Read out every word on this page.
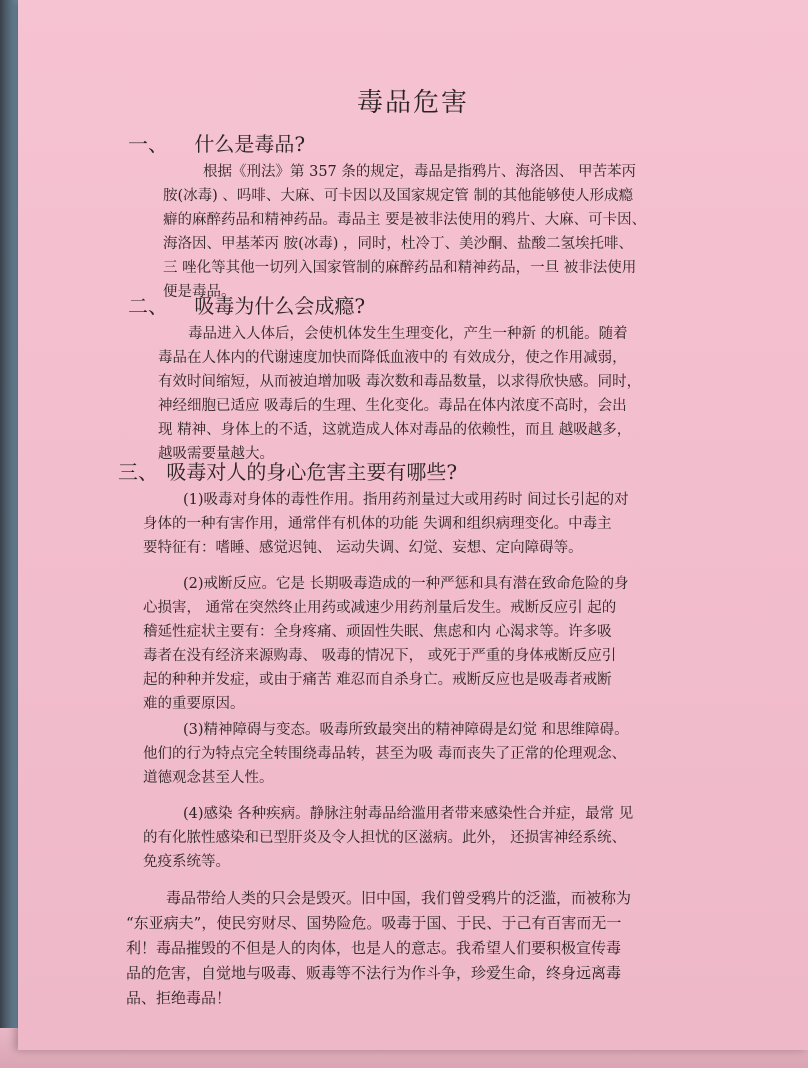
毒品危害
一、 什么是毒品?
根据《刑法》第 357 条的规定，毒品是指鸦片、海洛因、 甲苦苯丙
胺(冰毒) 、吗啡、大麻、可卡因以及国家规定管 制的其他能够使人形成瘾
癖的麻醉药品和精神药品。毒品主 要是被非法使用的鸦片、大麻、可卡因、
海洛因、甲基苯丙 胺(冰毒) ，同时，杜冷丁、美沙酮、盐酸二氢埃托啡、
三 唑化等其他一切列入国家管制的麻醉药品和精神药品，一旦 被非法使用
便是毒品。
二、 吸毒为什么会成瘾?
毒品进入人体后，会使机体发生生理变化，产生一种新 的机能。随着
毒品在人体内的代谢速度加快而降低血液中的 有效成分，使之作用减弱，
有效时间缩短，从而被迫增加吸 毒次数和毒品数量，以求得欣快感。同时，
神经细胞已适应 吸毒后的生理、生化变化。毒品在体内浓度不高时，会出
现 精神、身体上的不适，这就造成人体对毒品的依赖性，而且 越吸越多，
越吸需要量越大。
三、 吸毒对人的身心危害主要有哪些?
(1)吸毒对身体的毒性作用。指用药剂量过大或用药时 间过长引起的对
身体的一种有害作用，通常伴有机体的功能 失调和组织病理变化。中毒主
要特征有：嗜睡、感觉迟钝、 运动失调、幻觉、妄想、定向障碍等。
(2)戒断反应。它是 长期吸毒造成的一种严惩和具有潜在致命危险的身
心损害， 通常在突然终止用药或减速少用药剂量后发生。戒断反应引 起的
稽延性症状主要有：全身疼痛、顽固性失眠、焦虑和内 心渴求等。许多吸
毒者在没有经济来源购毒、 吸毒的情况下， 或死于严重的身体戒断反应引
起的种种并发症，或由于痛苦 难忍而自杀身亡。戒断反应也是吸毒者戒断
难的重要原因。
(3)精神障碍与变态。吸毒所致最突出的精神障碍是幻觉 和思维障碍。
他们的行为特点完全转围绕毒品转，甚至为吸 毒而丧失了正常的伦理观念、
道德观念甚至人性。
(4)感染 各种疾病。静脉注射毒品给滥用者带来感染性合并症，最常 见
的有化脓性感染和已型肝炎及令人担忧的区滋病。此外， 还损害神经系统、
免疫系统等。
毒品带给人类的只会是毁灭。旧中国，我们曾受鸦片的泛滥，而被称为
“东亚病夫”，使民穷财尽、国势险危。吸毒于国、于民、于己有百害而无一
利！毒品摧毁的不但是人的肉体，也是人的意志。我希望人们要积极宣传毒
品的危害，自觉地与吸毒、贩毒等不法行为作斗争，珍爱生命，终身远离毒
品、拒绝毒品！
